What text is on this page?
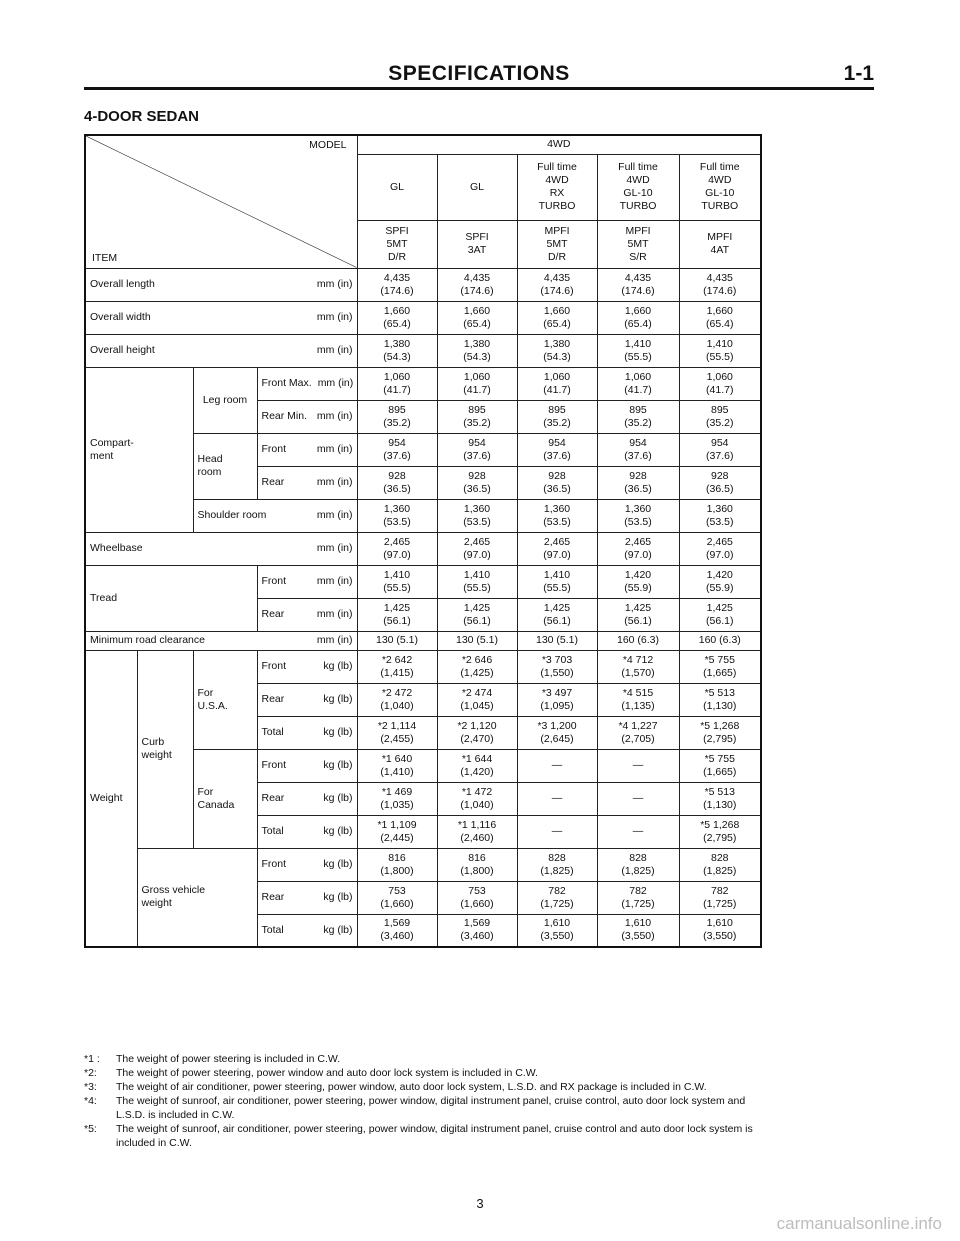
SPECIFICATIONS	1-1
4-DOOR SEDAN
MODEL
ITEM				4WD				
				GL	GL	Full time
4WD
RX
TURBO	Full time
4WD
GL-10
TURBO	Full time
4WD
GL-10
TURBO
				SPFI
5MT
D/R	SPFI
3AT	MPFI
5MT
D/R	MPFI
5MT
S/R	MPFI
4AT

Overall length mm (in)				4,435
(174.6)	4,435
(174.6)	4,435
(174.6)	4,435
(174.6)	4,435
(174.6)

Overall width mm (in)				1,660
(65.4)	1,660
(65.4)	1,660
(65.4)	1,660
(65.4)	1,660
(65.4)

Overall height mm (in)				1,380
(54.3)	1,380
(54.3)	1,380
(54.3)	1,410
(55.5)	1,410
(55.5)
Compart-
ment		Leg room	Front Max. mm (in)	1,060
(41.7)	1,060
(41.7)	1,060
(41.7)	1,060
(41.7)	1,060
(41.7)

			Rear Min. mm (in)	895
(35.2)	895
(35.2)	895
(35.2)	895
(35.2)	895
(35.2)
		Head
room	Front mm (in)	954
(37.6)	954
(37.6)	954
(37.6)	954
(37.6)	954
(37.6)

			Rear mm (in)	928
(36.5)	928
(36.5)	928
(36.5)	928
(36.5)	928
(36.5)

		Shoulder room mm (in)		1,360
(53.5)	1,360
(53.5)	1,360
(53.5)	1,360
(53.5)	1,360
(53.5)

Wheelbase mm (in)				2,465
(97.0)	2,465
(97.0)	2,465
(97.0)	2,465
(97.0)	2,465
(97.0)
Tread			Front mm (in)	1,410
(55.5)	1,410
(55.5)	1,410
(55.5)	1,420
(55.9)	1,420
(55.9)

			Rear mm (in)	1,425
(56.1)	1,425
(56.1)	1,425
(56.1)	1,425
(56.1)	1,425
(56.1)

Minimum road clearance mm (in)				130 (5.1)	130 (5.1)	130 (5.1)	160 (6.3)	160 (6.3)
Weight	Curb
weight	For
U.S.A.	Front kg (lb)	*2 642
(1,415)	*2 646
(1,425)	*3 703
(1,550)	*4 712
(1,570)	*5 755
(1,665)

			Rear kg (lb)	*2 472
(1,040)	*2 474
(1,045)	*3 497
(1,095)	*4 515
(1,135)	*5 513
(1,130)

			Total kg (lb)	*2 1,114
(2,455)	*2 1,120
(2,470)	*3 1,200
(2,645)	*4 1,227
(2,705)	*5 1,268
(2,795)
		For
Canada	Front kg (lb)	*1 640
(1,410)	*1 644
(1,420)	—	—	*5 755
(1,665)

			Rear kg (lb)	*1 469
(1,035)	*1 472
(1,040)	—	—	*5 513
(1,130)

			Total kg (lb)	*1 1,109
(2,445)	*1 1,116
(2,460)	—	—	*5 1,268
(2,795)
	Gross vehicle
weight		Front kg (lb)	816
(1,800)	816
(1,800)	828
(1,825)	828
(1,825)	828
(1,825)

			Rear kg (lb)	753
(1,660)	753
(1,660)	782
(1,725)	782
(1,725)	782
(1,725)

			Total kg (lb)	1,569
(3,460)	1,569
(3,460)	1,610
(3,550)	1,610
(3,550)	1,610
(3,550)
*1 :	The weight of power steering is included in C.W.
*2:	The weight of power steering, power window and auto door lock system is included in C.W.
*3:	The weight of air conditioner, power steering, power window, auto door lock system, L.S.D. and RX package is included in C.W.
*4:	The weight of sunroof, air conditioner, power steering, power window, digital instrument panel, cruise control, auto door lock system and
L.S.D. is included in C.W.
*5:	The weight of sunroof, air conditioner, power steering, power window, digital instrument panel, cruise control and auto door lock system is
included in C.W.
3
carmanualsonline.info
